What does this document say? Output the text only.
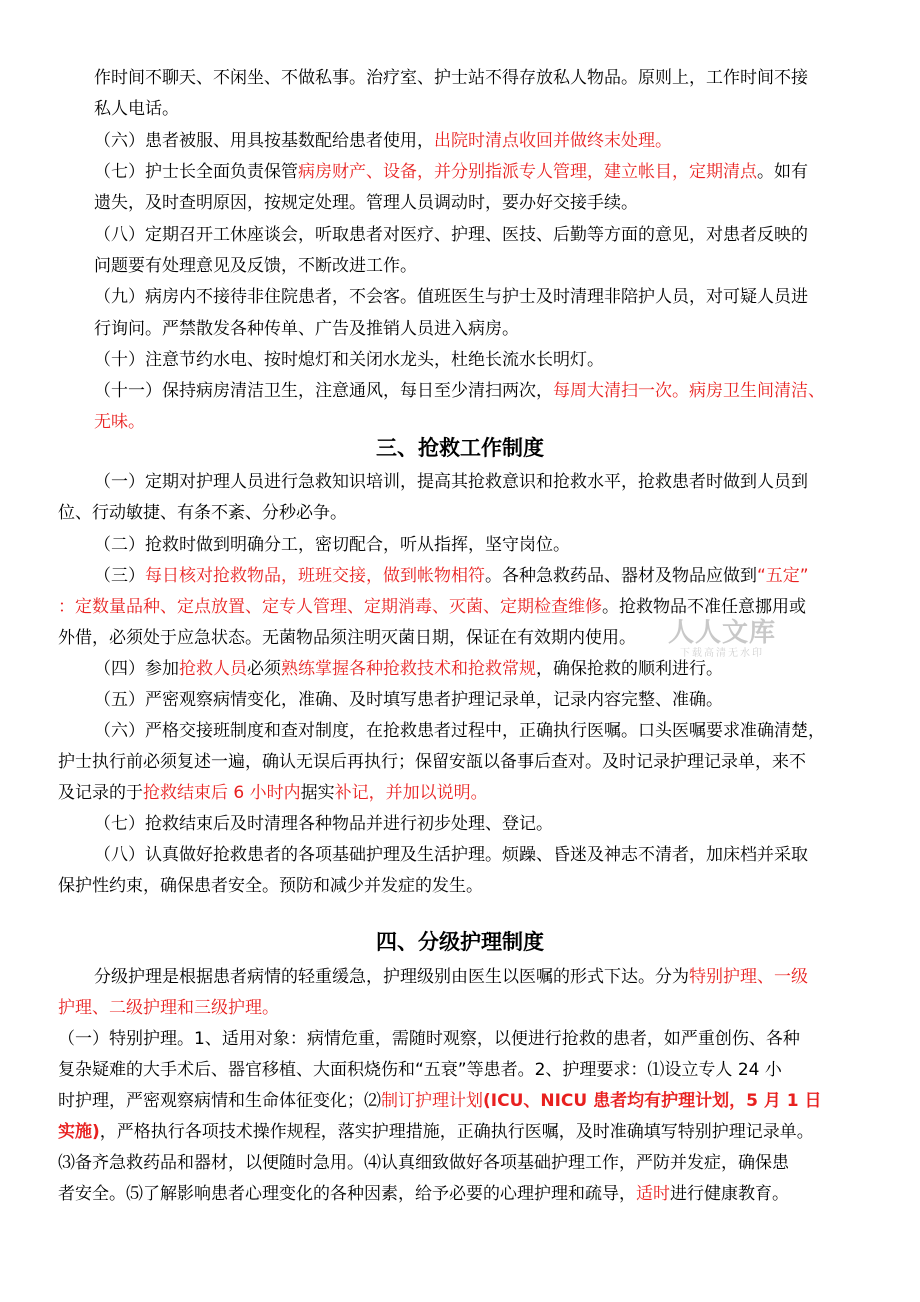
作时间不聊天、不闲坐、不做私事。治疗室、护士站不得存放私人物品。原则上，工作时间不接
私人电话。
（六）患者被服、用具按基数配给患者使用，出院时清点收回并做终末处理。
（七）护士长全面负责保管病房财产、设备，并分别指派专人管理，建立帐目，定期清点。如有
遗失，及时查明原因，按规定处理。管理人员调动时，要办好交接手续。
（八）定期召开工休座谈会，听取患者对医疗、护理、医技、后勤等方面的意见，对患者反映的
问题要有处理意见及反馈，不断改进工作。
（九）病房内不接待非住院患者，不会客。值班医生与护士及时清理非陪护人员，对可疑人员进
行询问。严禁散发各种传单、广告及推销人员进入病房。
（十）注意节约水电、按时熄灯和关闭水龙头，杜绝长流水长明灯。
（十一）保持病房清洁卫生，注意通风，每日至少清扫两次，每周大清扫一次。病房卫生间清洁、
无味。
三、抢救工作制度
（一）定期对护理人员进行急救知识培训，提高其抢救意识和抢救水平，抢救患者时做到人员到
位、行动敏捷、有条不紊、分秒必争。
（二）抢救时做到明确分工，密切配合，听从指挥，坚守岗位。
（三）每日核对抢救物品，班班交接，做到帐物相符。各种急救药品、器材及物品应做到“五定”
：定数量品种、定点放置、定专人管理、定期消毒、灭菌、定期检查维修。抢救物品不准任意挪用或
外借，必须处于应急状态。无菌物品须注明灭菌日期，保证在有效期内使用。
（四）参加抢救人员必须熟练掌握各种抢救技术和抢救常规，确保抢救的顺利进行。
（五）严密观察病情变化，准确、及时填写患者护理记录单，记录内容完整、准确。
（六）严格交接班制度和查对制度，在抢救患者过程中，正确执行医嘱。口头医嘱要求准确清楚，
护士执行前必须复述一遍，确认无误后再执行；保留安瓿以备事后查对。及时记录护理记录单，来不
及记录的于抢救结束后 6 小时内据实补记，并加以说明。
（七）抢救结束后及时清理各种物品并进行初步处理、登记。
（八）认真做好抢救患者的各项基础护理及生活护理。烦躁、昏迷及神志不清者，加床档并采取
保护性约束，确保患者安全。预防和减少并发症的发生。
四、分级护理制度
分级护理是根据患者病情的轻重缓急，护理级别由医生以医嘱的形式下达。分为特别护理、一级
护理、二级护理和三级护理。
（一）特别护理。1、适用对象：病情危重，需随时观察，以便进行抢救的患者，如严重创伤、各种
复杂疑难的大手术后、器官移植、大面积烧伤和“五衰”等患者。2、护理要求：⑴设立专人 24 小
时护理，严密观察病情和生命体征变化；⑵制订护理计划(ICU、NICU 患者均有护理计划，5 月 1 日
实施)，严格执行各项技术操作规程，落实护理措施，正确执行医嘱，及时准确填写特别护理记录单。
⑶备齐急救药品和器材，以便随时急用。⑷认真细致做好各项基础护理工作，严防并发症，确保患
者安全。⑸了解影响患者心理变化的各种因素，给予必要的心理护理和疏导，适时进行健康教育。
人人文库
下载高清无水印
